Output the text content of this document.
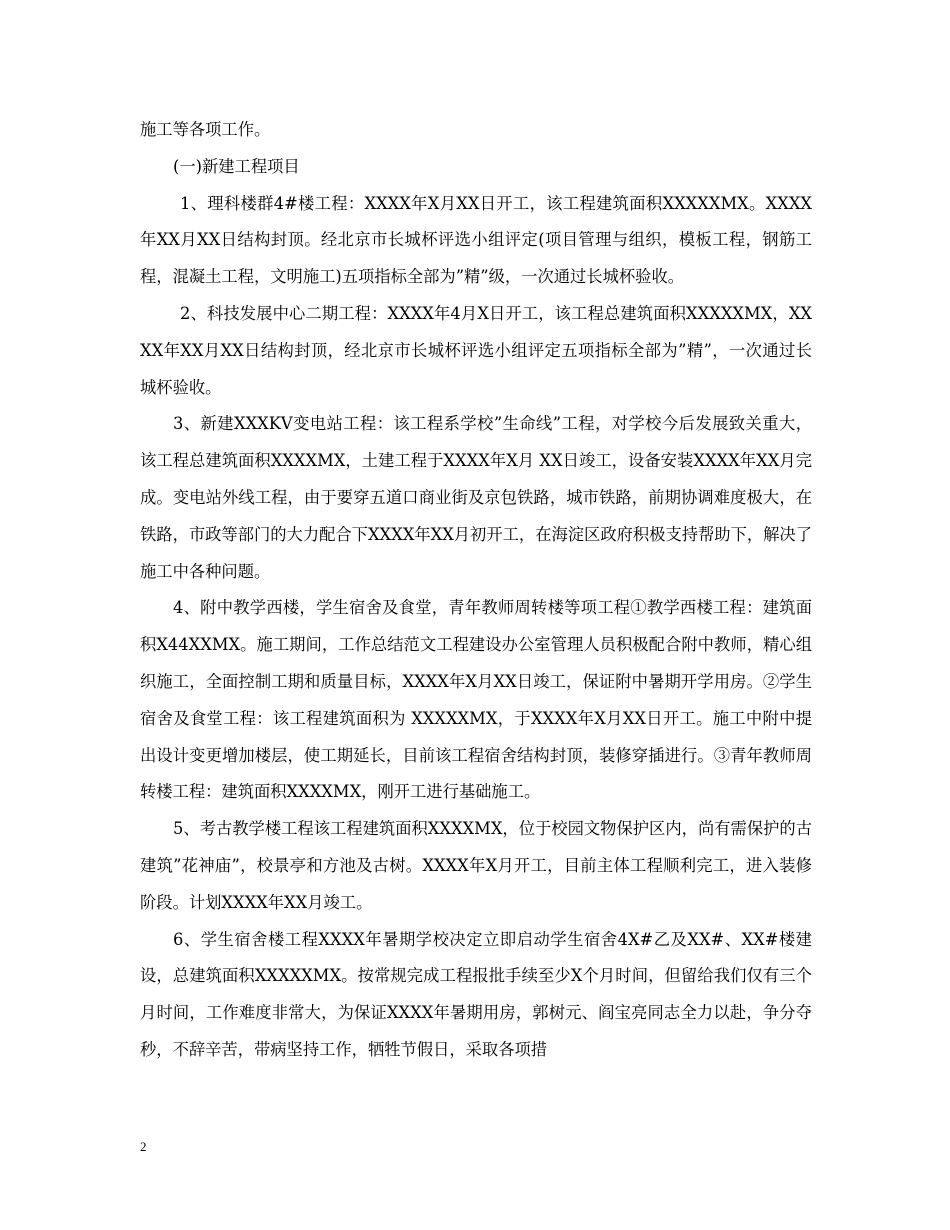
施工等各项工作。

(一)新建工程项目

1、理科楼群4#楼工程：XXXX年X月XX日开工，该工程建筑面积XXXXXMX。XXXX年XX月XX日结构封顶。经北京市长城杯评选小组评定(项目管理与组织，模板工程，钢筋工程，混凝土工程，文明施工)五项指标全部为”精”级，一次通过长城杯验收。

2、科技发展中心二期工程：XXXX年4月X日开工，该工程总建筑面积XXXXXMX，XXXX年XX月XX日结构封顶，经北京市长城杯评选小组评定五项指标全部为”精”，一次通过长城杯验收。

3、新建XXXKV变电站工程：该工程系学校”生命线”工程，对学校今后发展致关重大，该工程总建筑面积XXXXMX，土建工程于XXXX年X月 XX日竣工，设备安装XXXX年XX月完成。变电站外线工程，由于要穿五道口商业街及京包铁路，城市铁路，前期协调难度极大，在铁路，市政等部门的大力配合下XXXX年XX月初开工，在海淀区政府积极支持帮助下，解决了施工中各种问题。

4、附中教学西楼，学生宿舍及食堂，青年教师周转楼等项工程①教学西楼工程：建筑面积X44XXMX。施工期间，工作总结范文工程建设办公室管理人员积极配合附中教师，精心组织施工，全面控制工期和质量目标，XXXX年X月XX日竣工，保证附中暑期开学用房。②学生宿舍及食堂工程：该工程建筑面积为 XXXXXMX，于XXXX年X月XX日开工。施工中附中提出设计变更增加楼层，使工期延长，目前该工程宿舍结构封顶，装修穿插进行。③青年教师周转楼工程：建筑面积XXXXMX，刚开工进行基础施工。

5、考古教学楼工程该工程建筑面积XXXXMX，位于校园文物保护区内，尚有需保护的古建筑”花神庙”，校景亭和方池及古树。XXXX年X月开工，目前主体工程顺利完工，进入装修阶段。计划XXXX年XX月竣工。

6、学生宿舍楼工程XXXX年暑期学校决定立即启动学生宿舍4X#乙及XX#、XX#楼建设，总建筑面积XXXXXMX。按常规完成工程报批手续至少X个月时间，但留给我们仅有三个月时间，工作难度非常大，为保证XXXX年暑期用房，郭树元、阎宝亮同志全力以赴，争分夺秒，不辞辛苦，带病坚持工作，牺牲节假日，采取各项措

2
